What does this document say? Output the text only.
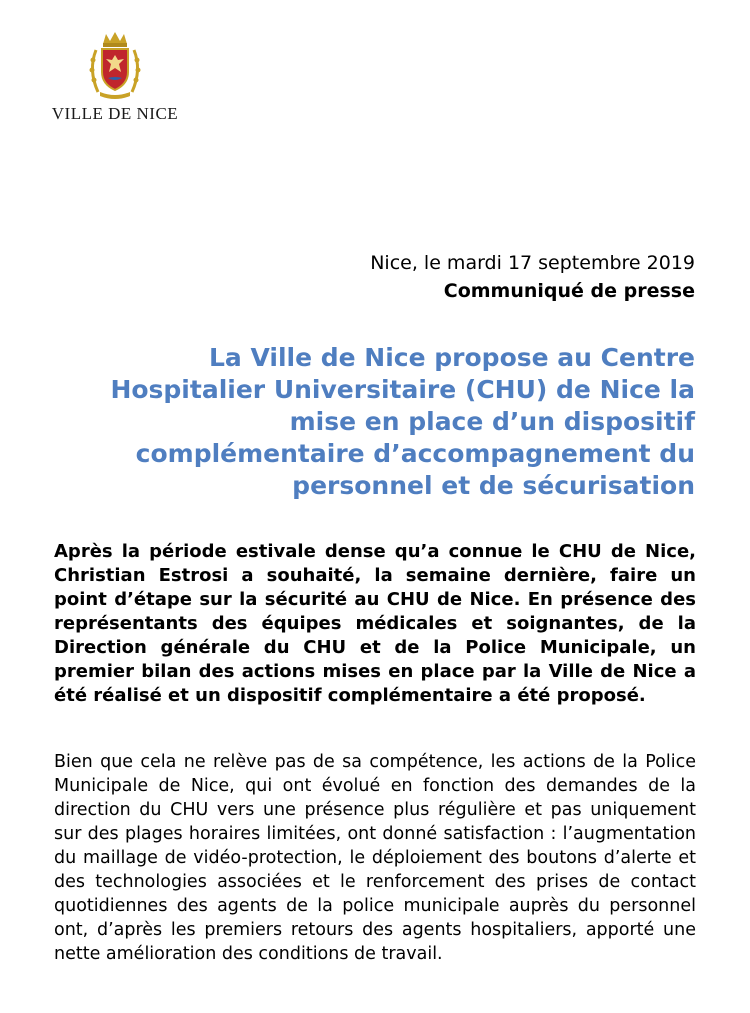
VILLE DE NICE
Nice, le mardi 17 septembre 2019
Communiqué de presse
La Ville de Nice propose au Centre Hospitalier Universitaire (CHU) de Nice la mise en place d’un dispositif complémentaire d’accompagnement du personnel et de sécurisation

Après la période estivale dense qu’a connue le CHU de Nice, Christian Estrosi a souhaité, la semaine dernière, faire un point d’étape sur la sécurité au CHU de Nice. En présence des représentants des équipes médicales et soignantes, de la Direction générale du CHU et de la Police Municipale, un premier bilan des actions mises en place par la Ville de Nice a été réalisé et un dispositif complémentaire a été proposé.

Bien que cela ne relève pas de sa compétence, les actions de la Police Municipale de Nice, qui ont évolué en fonction des demandes de la direction du CHU vers une présence plus régulière et pas uniquement sur des plages horaires limitées, ont donné satisfaction : l’augmentation du maillage de vidéo-protection, le déploiement des boutons d’alerte et des technologies associées et le renforcement des prises de contact quotidiennes des agents de la police municipale auprès du personnel ont, d’après les premiers retours des agents hospitaliers, apporté une nette amélioration des conditions de travail.
